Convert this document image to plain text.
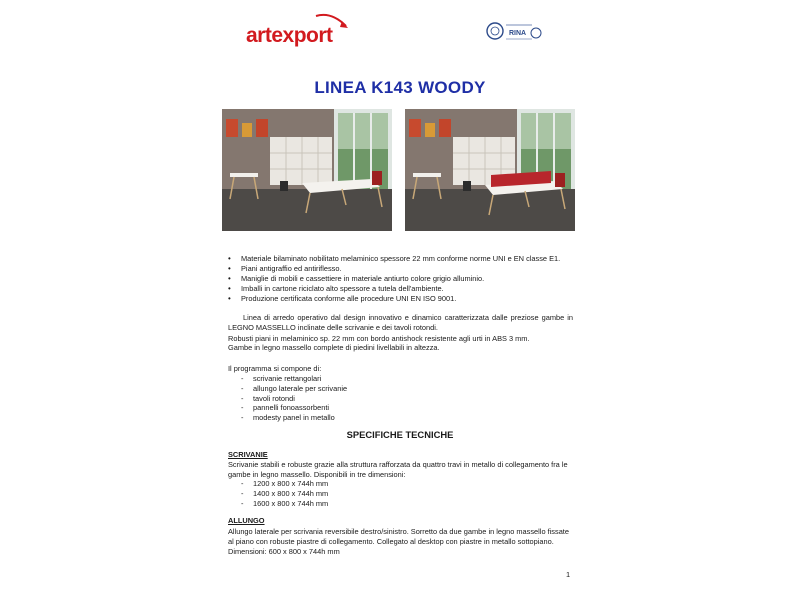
artexport	RINA
LINEA K143 WOODY
• Materiale bilaminato nobilitato melaminico spessore 22 mm conforme norme UNI e EN classe E1.
• Piani antigraffio ed antiriflesso.
• Maniglie di mobili e cassettiere in materiale antiurto colore grigio alluminio.
• Imballi in cartone riciclato alto spessore a tutela dell'ambiente.
• Produzione certificata conforme alle procedure UNI EN ISO 9001.

Linea di arredo operativo dal design innovativo e dinamico caratterizzata dalle preziose gambe in LEGNO MASSELLO inclinate delle scrivanie e dei tavoli rotondi.

Robusti piani in melaminico sp. 22 mm con bordo antishock resistente agli urti in ABS 3 mm.

Gambe in legno massello complete di piedini livellabili in altezza.

Il programma si compone di:
- scrivanie rettangolari
- allungo laterale per scrivanie
- tavoli rotondi
- pannelli fonoassorbenti
- modesty panel in metallo
SPECIFICHE TECNICHE
SCRIVANIE

Scrivanie stabili e robuste grazie alla struttura rafforzata da quattro travi in metallo di collegamento fra le gambe in legno massello. Disponibili in tre dimensioni:

- 1200 x 800 x 744h mm
- 1400 x 800 x 744h mm
- 1600 x 800 x 744h mm
ALLUNGO
Allungo laterale per scrivania reversibile destro/sinistro. Sorretto da due gambe in legno massello fissate al piano con robuste piastre di collegamento. Collegato al desktop con piastre in metallo sottopiano.
Dimensioni: 600 x 800 x 744h mm
1
